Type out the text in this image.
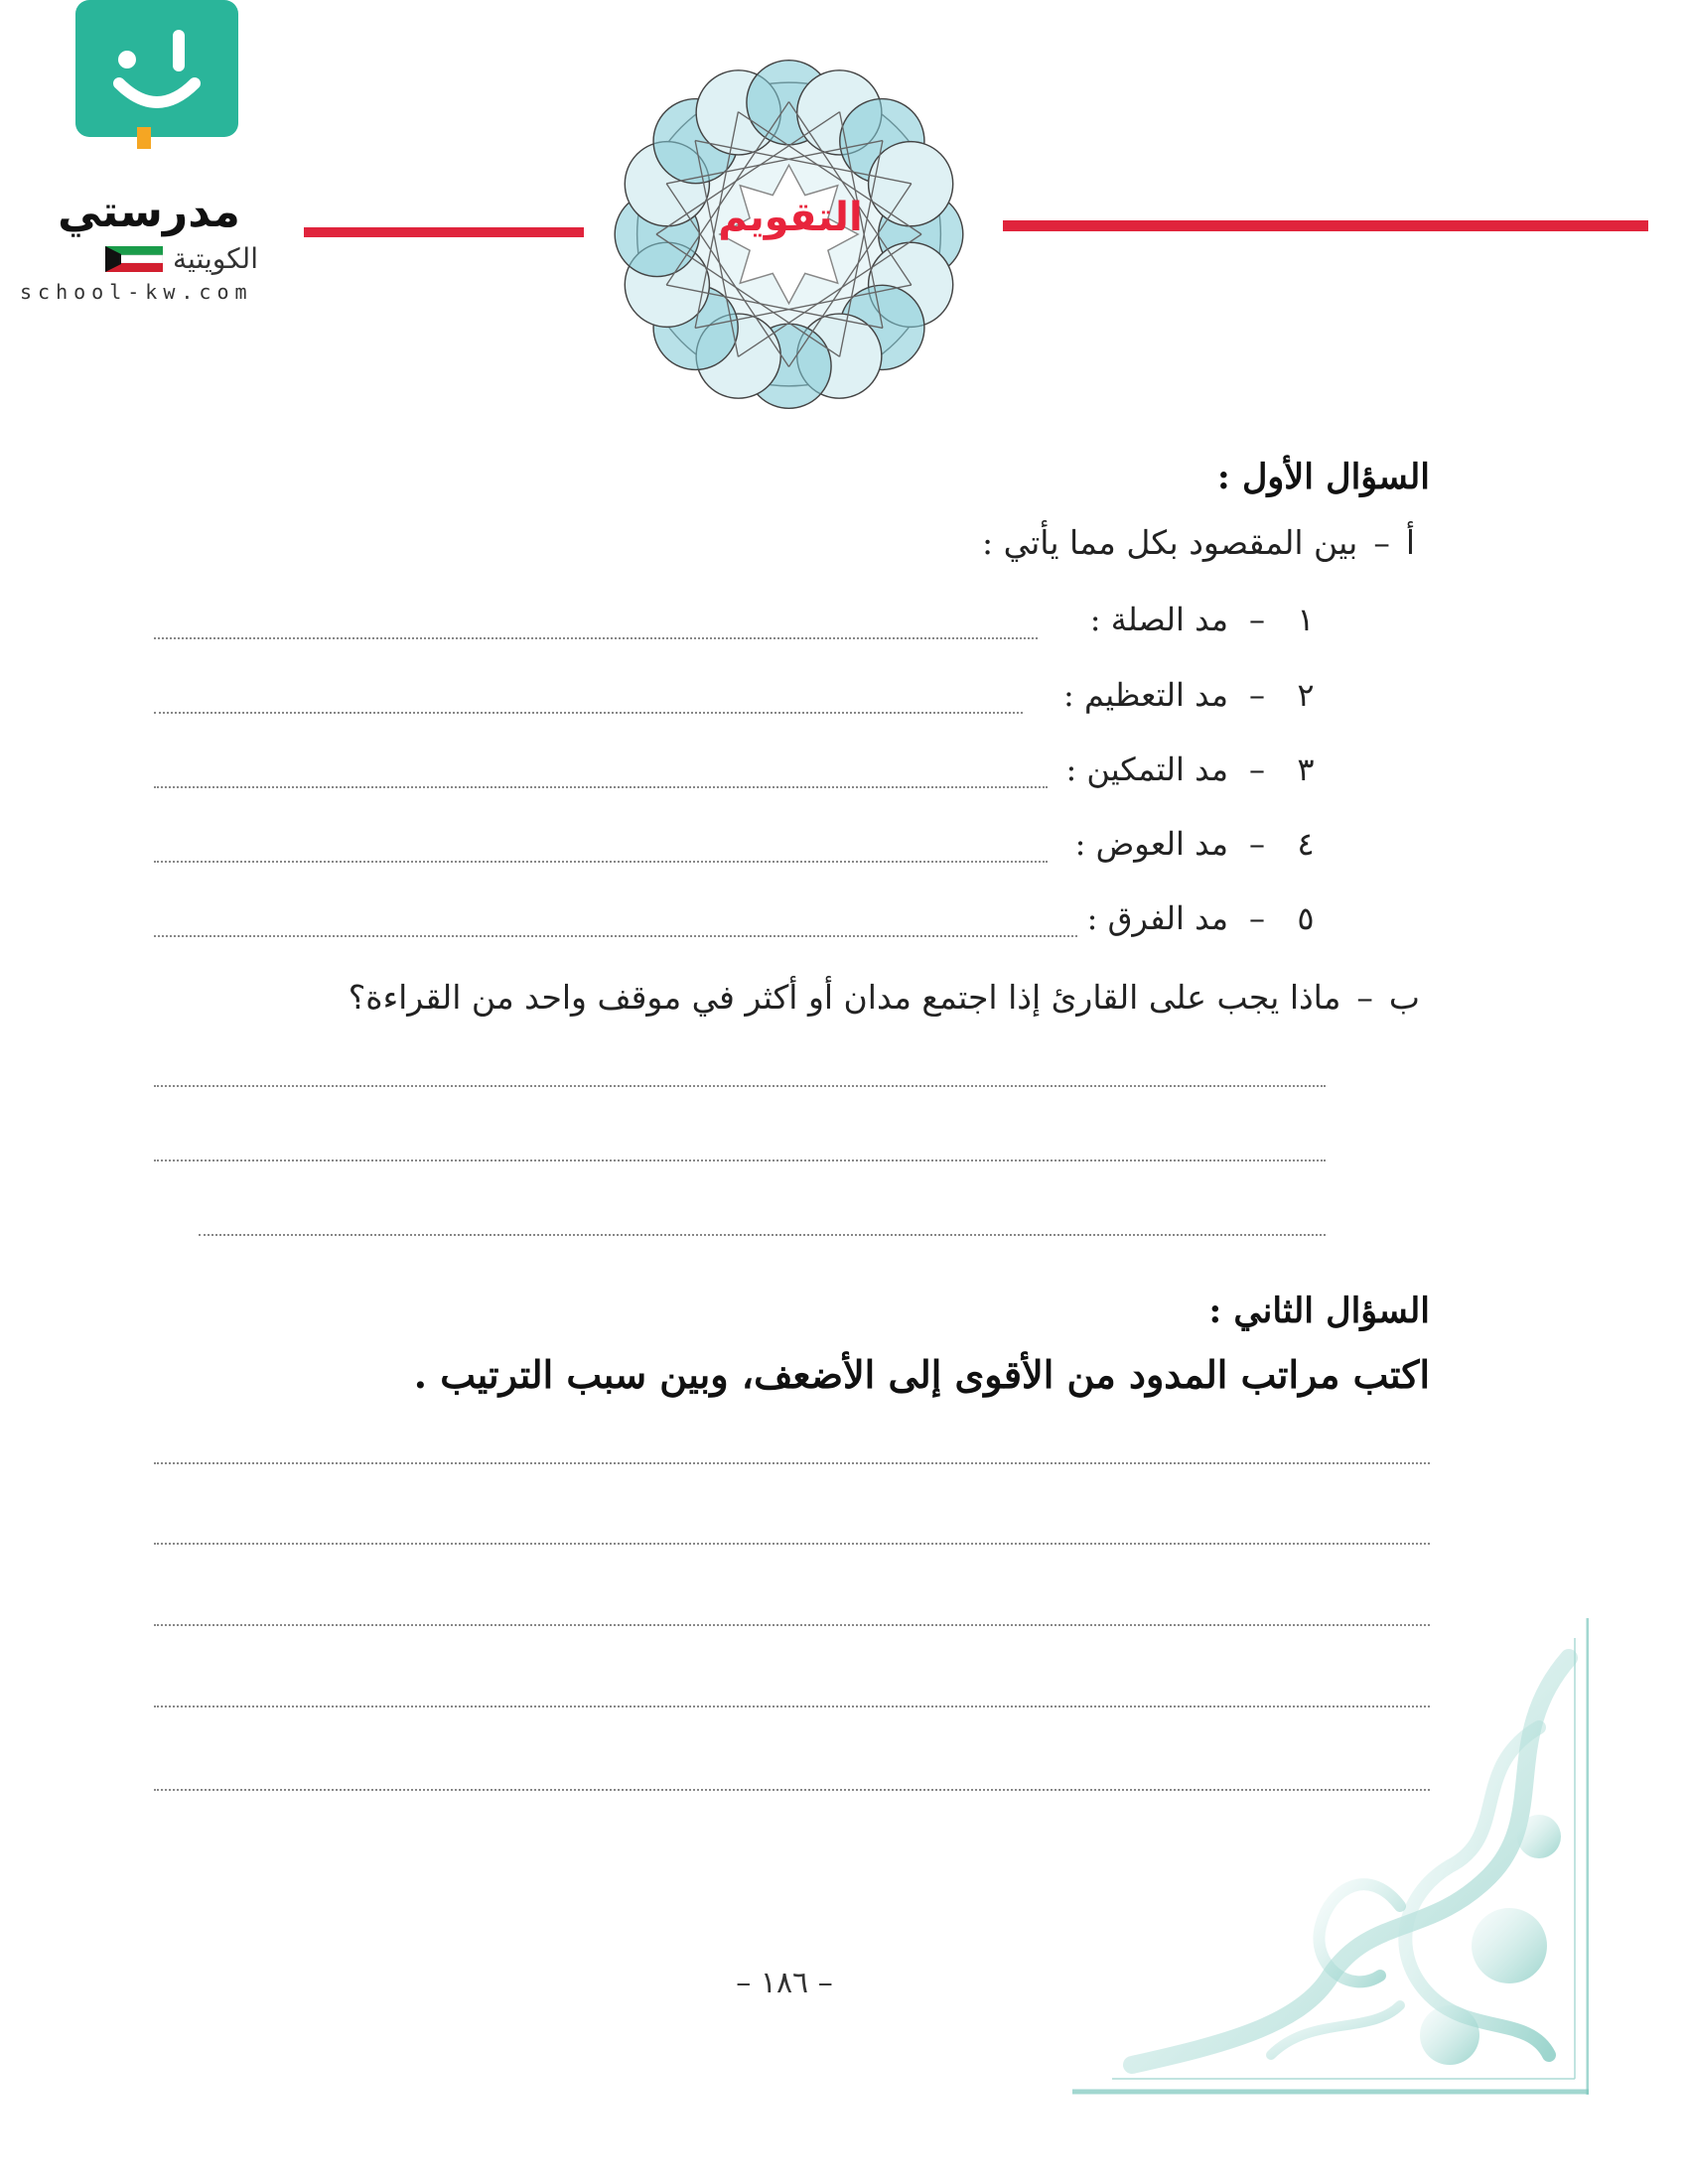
مدرستي
الكويتية
school-kw.com
التقويم
السؤال الأول :
أ
–
بين المقصود بكل مما يأتي :
١
–
مد الصلة :
٢
–
مد التعظيم :
٣
–
مد التمكين :
٤
–
مد العوض :
٥
–
مد الفرق :
ب
–
ماذا يجب على القارئ إذا اجتمع مدان أو أكثر في موقف واحد من القراءة؟
السؤال الثاني :
اكتب مراتب المدود من الأقوى إلى الأضعف، وبين سبب الترتيب .
– ١٨٦ –
